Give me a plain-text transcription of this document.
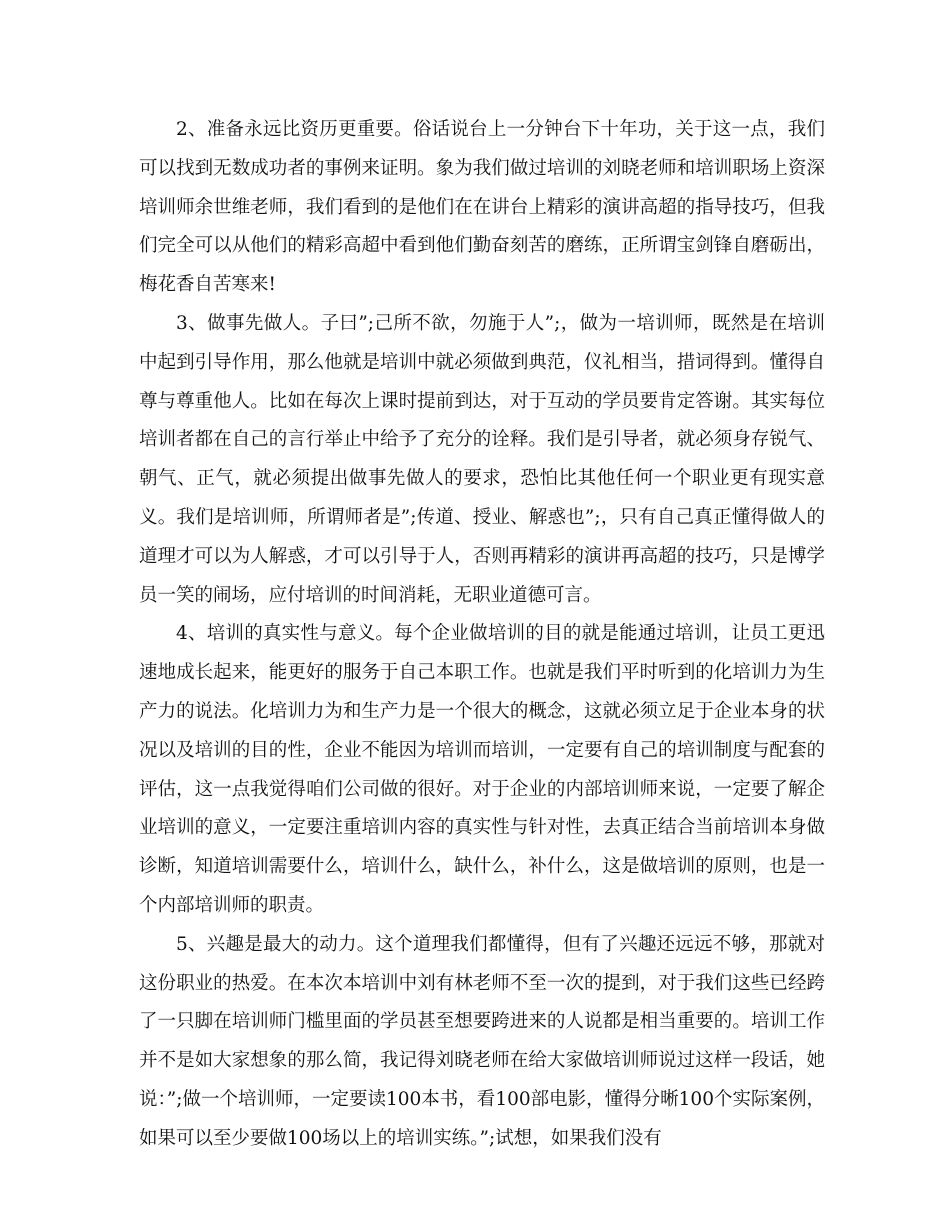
2、准备永远比资历更重要。俗话说台上一分钟台下十年功，关于这一点，我们可以找到无数成功者的事例来证明。象为我们做过培训的刘晓老师和培训职场上资深培训师余世维老师，我们看到的是他们在在讲台上精彩的演讲高超的指导技巧，但我们完全可以从他们的精彩高超中看到他们勤奋刻苦的磨练，正所谓宝剑锋自磨砺出，梅花香自苦寒来!

3、做事先做人。子曰”;己所不欲，勿施于人”;，做为一培训师，既然是在培训中起到引导作用，那么他就是培训中就必须做到典范，仪礼相当，措词得到。懂得自尊与尊重他人。比如在每次上课时提前到达，对于互动的学员要肯定答谢。其实每位培训者都在自己的言行举止中给予了充分的诠释。我们是引导者，就必须身存锐气、朝气、正气，就必须提出做事先做人的要求，恐怕比其他任何一个职业更有现实意义。我们是培训师，所谓师者是”;传道、授业、解惑也”;，只有自己真正懂得做人的道理才可以为人解惑，才可以引导于人，否则再精彩的演讲再高超的技巧，只是博学员一笑的闹场，应付培训的时间消耗，无职业道德可言。

4、培训的真实性与意义。每个企业做培训的目的就是能通过培训，让员工更迅速地成长起来，能更好的服务于自己本职工作。也就是我们平时听到的化培训力为生产力的说法。化培训力为和生产力是一个很大的概念，这就必须立足于企业本身的状况以及培训的目的性，企业不能因为培训而培训，一定要有自己的培训制度与配套的评估，这一点我觉得咱们公司做的很好。对于企业的内部培训师来说，一定要了解企业培训的意义，一定要注重培训内容的真实性与针对性，去真正结合当前培训本身做诊断，知道培训需要什么，培训什么，缺什么，补什么，这是做培训的原则，也是一个内部培训师的职责。

5、兴趣是最大的动力。这个道理我们都懂得，但有了兴趣还远远不够，那就对这份职业的热爱。在本次本培训中刘有林老师不至一次的提到，对于我们这些已经跨了一只脚在培训师门槛里面的学员甚至想要跨进来的人说都是相当重要的。培训工作并不是如大家想象的那么简，我记得刘晓老师在给大家做培训师说过这样一段话，她说：”;做一个培训师，一定要读100本书，看100部电影，懂得分晰100个实际案例，如果可以至少要做100场以上的培训实练。”;试想，如果我们没有
